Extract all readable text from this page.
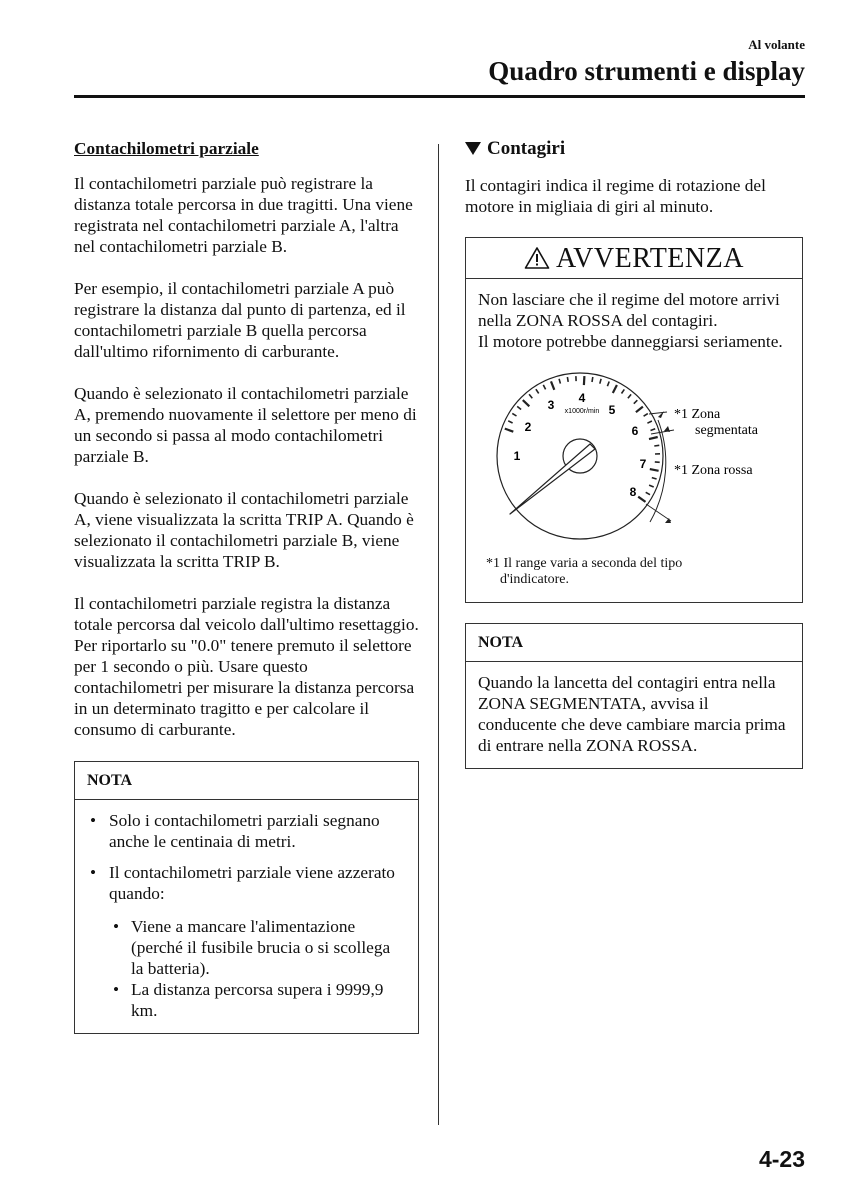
Al volante
Quadro strumenti e display
Contachilometri parziale

Il contachilometri parziale può registrare la distanza totale percorsa in due tragitti. Una viene registrata nel contachilometri parziale A, l'altra nel contachilometri parziale B.

Per esempio, il contachilometri parziale A può registrare la distanza dal punto di partenza, ed il contachilometri parziale B quella percorsa dall'ultimo rifornimento di carburante.

Quando è selezionato il contachilometri parziale A, premendo nuovamente il selettore per meno di un secondo si passa al modo contachilometri parziale B.

Quando è selezionato il contachilometri parziale A, viene visualizzata la scritta TRIP A. Quando è selezionato il contachilometri parziale B, viene visualizzata la scritta TRIP B.

Il contachilometri parziale registra la distanza totale percorsa dal veicolo dall'ultimo resettaggio. Per riportarlo su "0.0" tenere premuto il selettore per 1 secondo o più. Usare questo contachilometri per misurare la distanza percorsa in un determinato tragitto e per calcolare il consumo di carburante.

NOTA
• Solo i contachilometri parziali segnano anche le centinaia di metri.
• Il contachilometri parziale viene azzerato quando:
• Viene a mancare l'alimentazione (perché il fusibile brucia o si scollega la batteria).
• La distanza percorsa supera i 9999,9 km.
Contagiri

Il contagiri indica il regime di rotazione del motore in migliaia di giri al minuto.

AVVERTENZA

Non lasciare che il regime del motore arrivi nella ZONA ROSSA del contagiri.

Il motore potrebbe danneggiarsi seriamente.

1
2
3 4
5
6
7
8
x1000r/min	*1 Zona
segmentata
*1 Zona rossa
*1 Il range varia a seconda del tipo
d'indicatore.
NOTA

Quando la lancetta del contagiri entra nella ZONA SEGMENTATA, avvisa il conducente che deve cambiare marcia prima di entrare nella ZONA ROSSA.

4-23
